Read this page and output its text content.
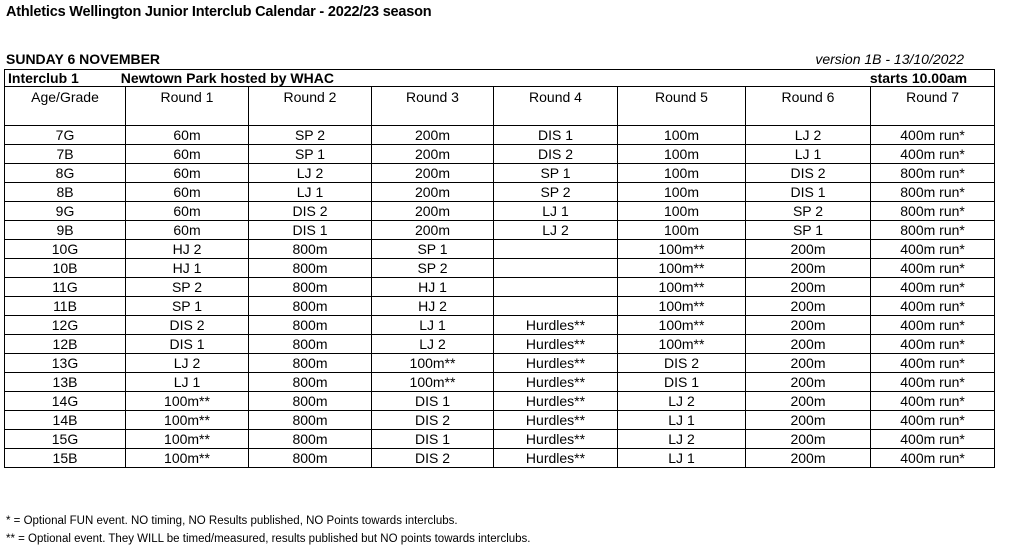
Athletics Wellington Junior Interclub Calendar - 2022/23 season
SUNDAY 6 NOVEMBER	version 1B - 13/10/2022
Interclub 1 Newtown Park hosted by WHAC starts 10.00am							

Age/Grade	Round 1	Round 2	Round 3	Round 4	Round 5	Round 6	Round 7
7G	60m	SP 2	200m	DIS 1	100m	LJ 2	400m run*
7B	60m	SP 1	200m	DIS 2	100m	LJ 1	400m run*
8G	60m	LJ 2	200m	SP 1	100m	DIS 2	800m run*
8B	60m	LJ 1	200m	SP 2	100m	DIS 1	800m run*
9G	60m	DIS 2	200m	LJ 1	100m	SP 2	800m run*
9B	60m	DIS 1	200m	LJ 2	100m	SP 1	800m run*
10G	HJ 2	800m	SP 1		100m**	200m	400m run*
10B	HJ 1	800m	SP 2		100m**	200m	400m run*
11G	SP 2	800m	HJ 1		100m**	200m	400m run*
11B	SP 1	800m	HJ 2		100m**	200m	400m run*
12G	DIS 2	800m	LJ 1	Hurdles**	100m**	200m	400m run*
12B	DIS 1	800m	LJ 2	Hurdles**	100m**	200m	400m run*
13G	LJ 2	800m	100m**	Hurdles**	DIS 2	200m	400m run*
13B	LJ 1	800m	100m**	Hurdles**	DIS 1	200m	400m run*
14G	100m**	800m	DIS 1	Hurdles**	LJ 2	200m	400m run*
14B	100m**	800m	DIS 2	Hurdles**	LJ 1	200m	400m run*
15G	100m**	800m	DIS 1	Hurdles**	LJ 2	200m	400m run*
15B	100m**	800m	DIS 2	Hurdles**	LJ 1	200m	400m run*
* = Optional FUN event. NO timing, NO Results published, NO Points towards interclubs.
** = Optional event. They WILL be timed/measured, results published but NO points towards interclubs.
